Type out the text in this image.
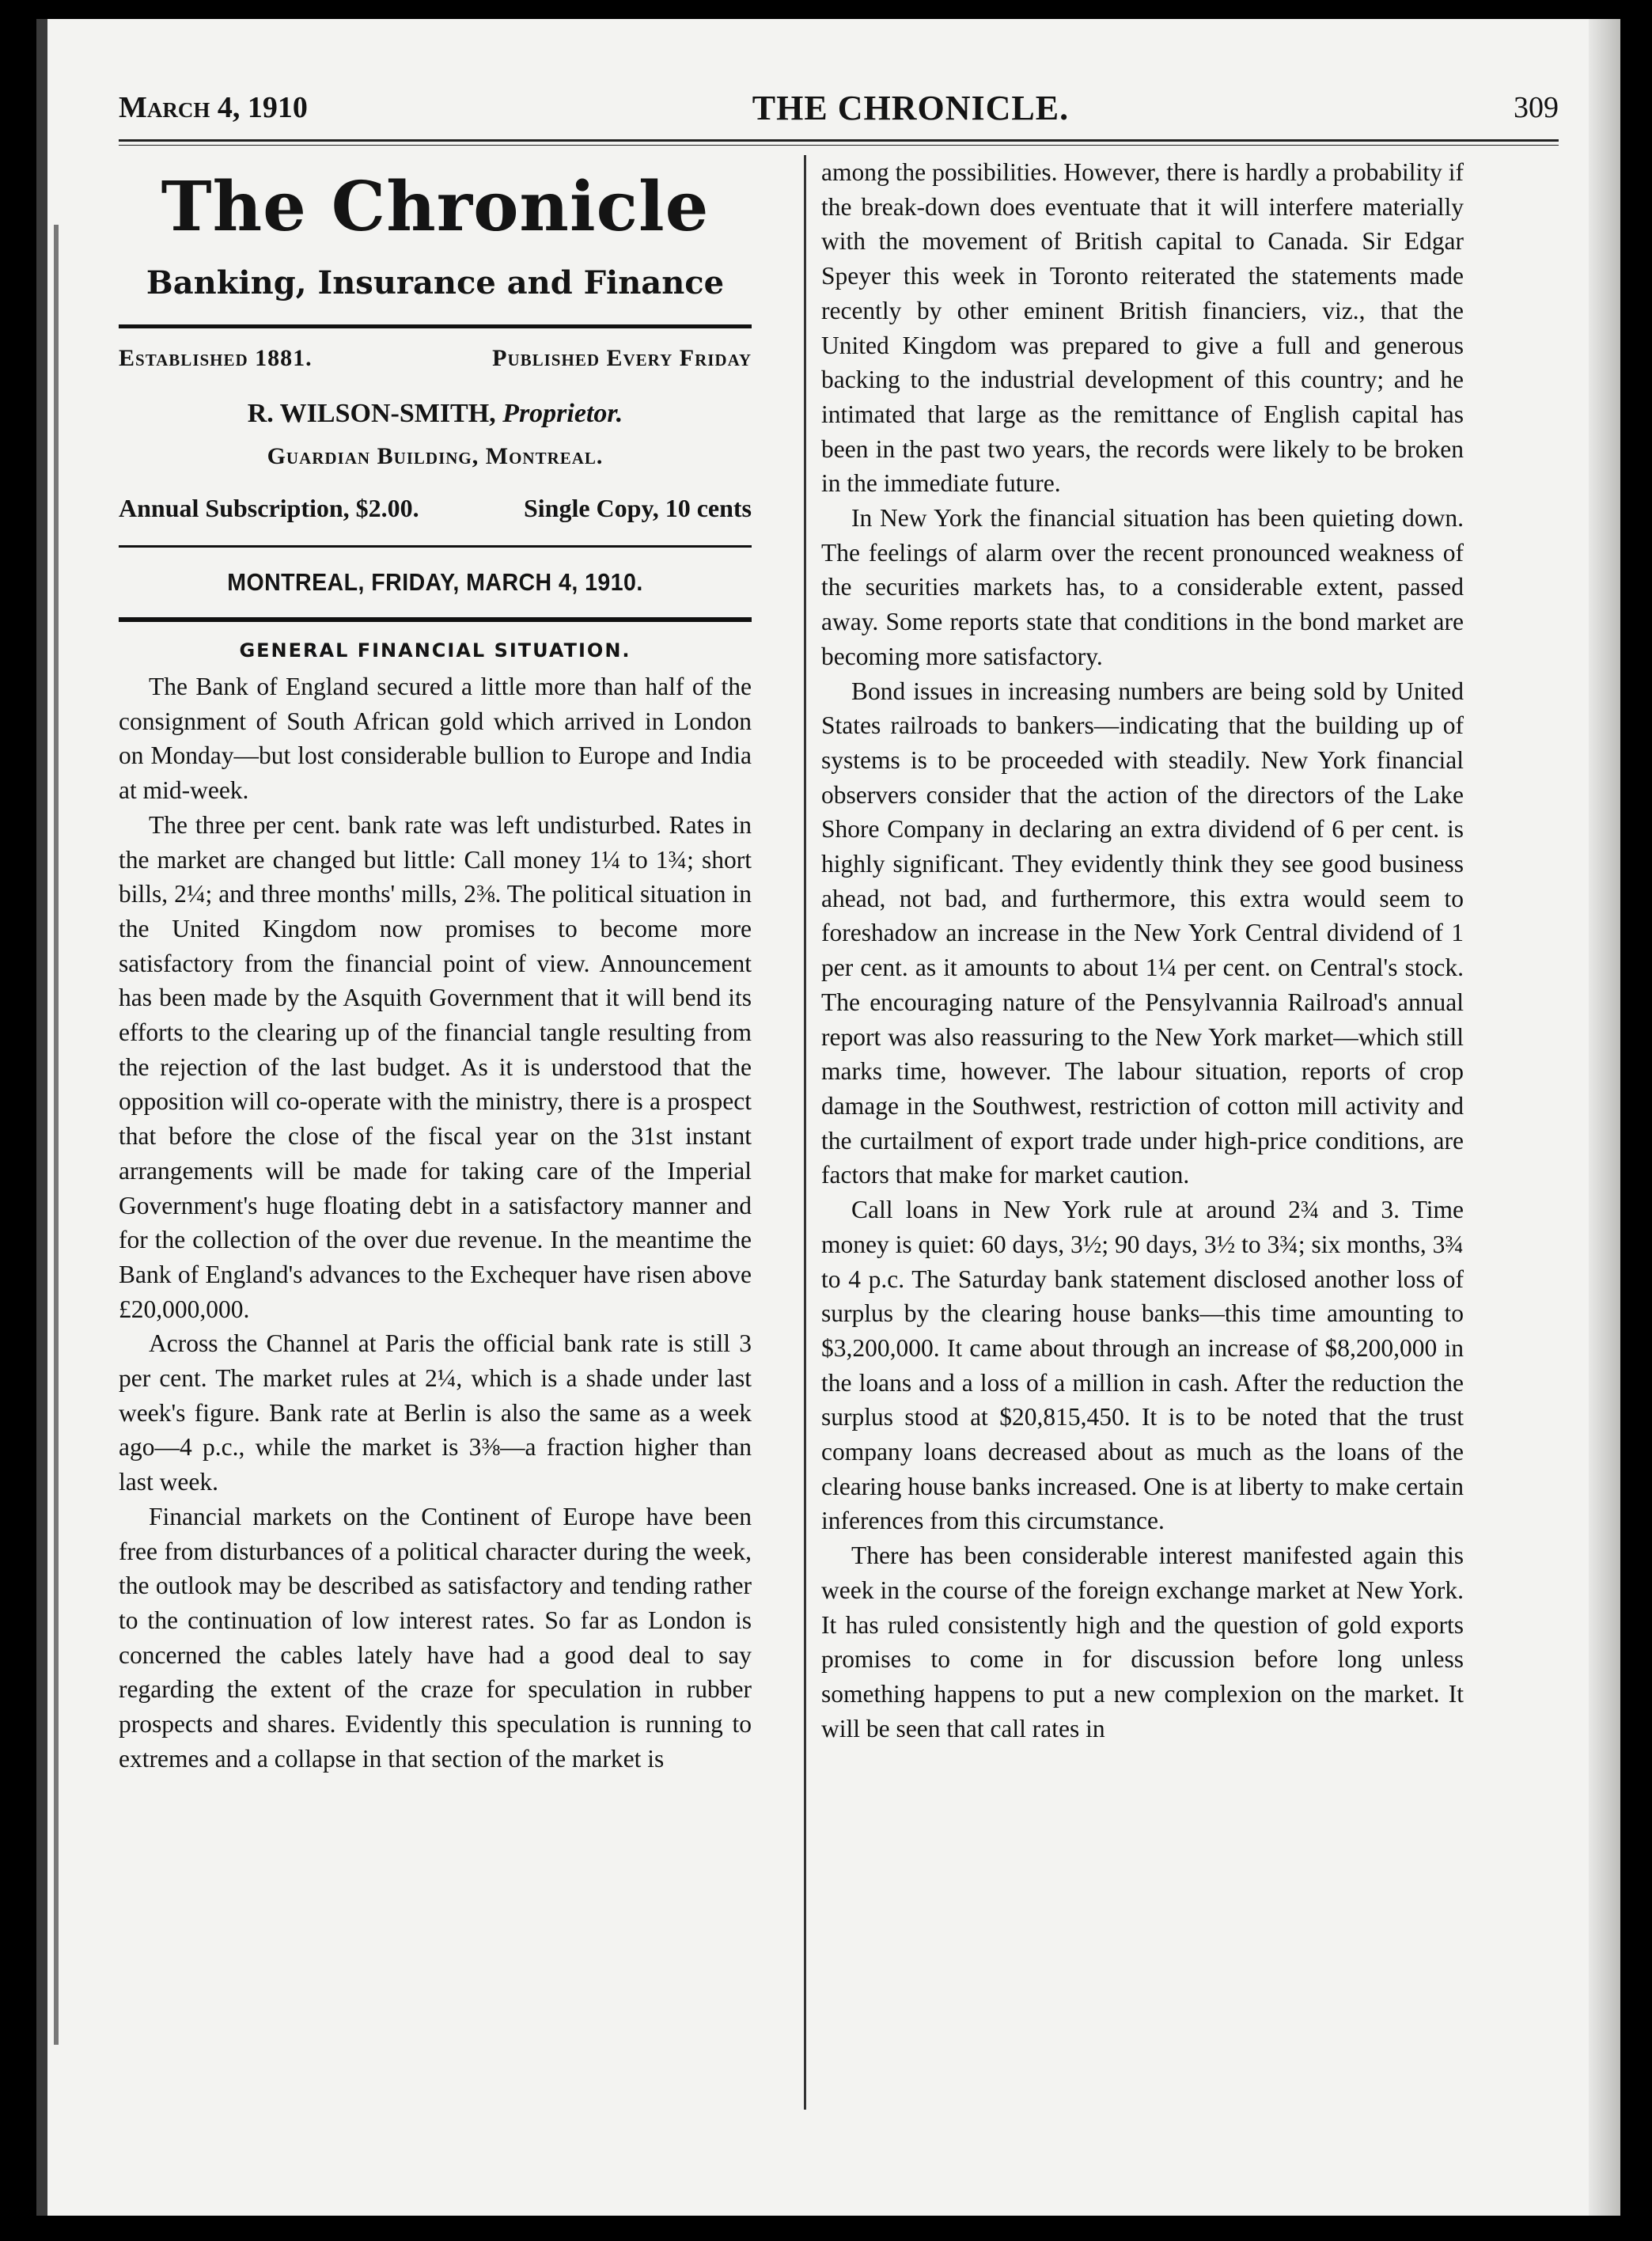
March 4, 1910	THE CHRONICLE.	309
The Chronicle
Banking, Insurance and Finance
Established 1881.	Published Every Friday
R. WILSON-SMITH, Proprietor.
Guardian Building, Montreal.
Annual Subscription, $2.00.	Single Copy, 10 cents
MONTREAL, FRIDAY, MARCH 4, 1910.
GENERAL FINANCIAL SITUATION.

The Bank of England secured a little more than half of the consignment of South African gold which arrived in London on Monday—but lost considerable bullion to Europe and India at mid-week.

The three per cent. bank rate was left undisturbed. Rates in the market are changed but little: Call money 1¼ to 1¾; short bills, 2¼; and three months' mills, 2⅜. The political situation in the United Kingdom now promises to become more satisfactory from the financial point of view. Announcement has been made by the Asquith Government that it will bend its efforts to the clearing up of the financial tangle resulting from the rejection of the last budget. As it is understood that the opposition will co-operate with the ministry, there is a prospect that before the close of the fiscal year on the 31st instant arrangements will be made for taking care of the Imperial Government's huge floating debt in a satisfactory manner and for the collection of the over due revenue. In the meantime the Bank of England's advances to the Exchequer have risen above £20,000,000.

Across the Channel at Paris the official bank rate is still 3 per cent. The market rules at 2¼, which is a shade under last week's figure. Bank rate at Berlin is also the same as a week ago—4 p.c., while the market is 3⅜—a fraction higher than last week.

Financial markets on the Continent of Europe have been free from disturbances of a political character during the week, the outlook may be described as satisfactory and tending rather to the continuation of low interest rates. So far as London is concerned the cables lately have had a good deal to say regarding the extent of the craze for speculation in rubber prospects and shares. Evidently this speculation is running to extremes and a collapse in that section of the market is

among the possibilities. However, there is hardly a probability if the break-down does eventuate that it will interfere materially with the movement of British capital to Canada. Sir Edgar Speyer this week in Toronto reiterated the statements made recently by other eminent British financiers, viz., that the United Kingdom was prepared to give a full and generous backing to the industrial development of this country; and he intimated that large as the remittance of English capital has been in the past two years, the records were likely to be broken in the immediate future.

In New York the financial situation has been quieting down. The feelings of alarm over the recent pronounced weakness of the securities markets has, to a considerable extent, passed away. Some reports state that conditions in the bond market are becoming more satisfactory.

Bond issues in increasing numbers are being sold by United States railroads to bankers—indicating that the building up of systems is to be proceeded with steadily. New York financial observers consider that the action of the directors of the Lake Shore Company in declaring an extra dividend of 6 per cent. is highly significant. They evidently think they see good business ahead, not bad, and furthermore, this extra would seem to foreshadow an increase in the New York Central dividend of 1 per cent. as it amounts to about 1¼ per cent. on Central's stock. The encouraging nature of the Pensylvannia Railroad's annual report was also reassuring to the New York market—which still marks time, however. The labour situation, reports of crop damage in the Southwest, restriction of cotton mill activity and the curtailment of export trade under high-price conditions, are factors that make for market caution.

Call loans in New York rule at around 2¾ and 3. Time money is quiet: 60 days, 3½; 90 days, 3½ to 3¾; six months, 3¾ to 4 p.c. The Saturday bank statement disclosed another loss of surplus by the clearing house banks—this time amounting to $3,200,000. It came about through an increase of $8,200,000 in the loans and a loss of a million in cash. After the reduction the surplus stood at $20,815,450. It is to be noted that the trust company loans decreased about as much as the loans of the clearing house banks increased. One is at liberty to make certain inferences from this circumstance.

There has been considerable interest manifested again this week in the course of the foreign exchange market at New York. It has ruled consistently high and the question of gold exports promises to come in for discussion before long unless something happens to put a new complexion on the market. It will be seen that call rates in
